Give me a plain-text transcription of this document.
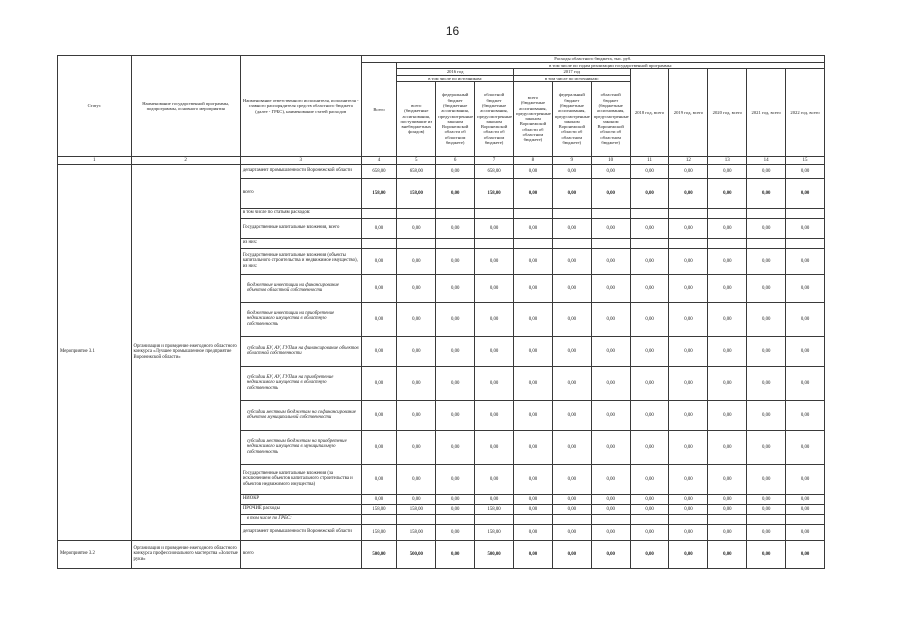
16
Статус	Наименование государственной программы, подпрограммы, основного мероприятия	Наименование ответственного исполнителя, исполнителя - главного распорядителя средств областного бюджета (далее - ГРБС), наименование статей расходов	Расходы областного бюджета, тыс. руб.											
			Всего	в том числе по годам реализации государственной программы:										
				2016 год			2017 год			2018 год, всего	2019 год, всего	2020 год, всего	2021 год, всего	2022 год, всего
				в том числе по источникам:			в том числе по источникам:							
				всего (бюджетные ассигнования, поступившие из внебюджетных фондов)	федеральный бюджет (бюджетные ассигнования, предусмотренные законом Воронежской области об областном бюджете)	областной бюджет (бюджетные ассигнования, предусмотренные законом Воронежской области об областном бюджете)	всего (бюджетные ассигнования, предусмотренные законом Воронежской области об областном бюджете)	федеральный бюджет (бюджетные ассигнования, предусмотренные законом Воронежской области об областном бюджете)	областной бюджет (бюджетные ассигнования, предусмотренные законом Воронежской области об областном бюджете)					
1	2	3	4	5	6	7	8	9	10	11	12	13	14	15
Мероприятие 3.1	Организация и проведение ежегодного областного конкурса «Лучшее промышленное предприятие Воронежской области»	департамент промышленности Воронежской области	658,00	658,00	0,00	658,00	0,00	0,00	0,00	0,00	0,00	0,00	0,00	0,00
		всего	158,00	158,00	0,00	158,00	0,00	0,00	0,00	0,00	0,00	0,00	0,00	0,00
		в том числе по статьям расходов:												
		Государственные капитальные вложения, всего	0,00	0,00	0,00	0,00	0,00	0,00	0,00	0,00	0,00	0,00	0,00	0,00
		из них:												
		Государственные капитальные вложения (объекты капитального строительства и недвижимое имущество), из них:	0,00	0,00	0,00	0,00	0,00	0,00	0,00	0,00	0,00	0,00	0,00	0,00
		бюджетные инвестиции на финансирование объектов областной собственности	0,00	0,00	0,00	0,00	0,00	0,00	0,00	0,00	0,00	0,00	0,00	0,00
		бюджетные инвестиции на приобретение недвижимого имущества в областную собственность	0,00	0,00	0,00	0,00	0,00	0,00	0,00	0,00	0,00	0,00	0,00	0,00
		субсидии БУ, АУ, ГУПам на финансирование объектов областной собственности	0,00	0,00	0,00	0,00	0,00	0,00	0,00	0,00	0,00	0,00	0,00	0,00
		субсидии БУ, АУ, ГУПам на приобретение недвижимого имущества в областную собственность	0,00	0,00	0,00	0,00	0,00	0,00	0,00	0,00	0,00	0,00	0,00	0,00
		субсидии местным бюджетам на софинансирование объектов муниципальной собственности	0,00	0,00	0,00	0,00	0,00	0,00	0,00	0,00	0,00	0,00	0,00	0,00
		субсидии местным бюджетам на приобретение недвижимого имущества в муниципальную собственность	0,00	0,00	0,00	0,00	0,00	0,00	0,00	0,00	0,00	0,00	0,00	0,00
		Государственные капитальные вложения (за исключением объектов капитального строительства и объектов недвижимого имущества)	0,00	0,00	0,00	0,00	0,00	0,00	0,00	0,00	0,00	0,00	0,00	0,00
		НИОКР	0,00	0,00	0,00	0,00	0,00	0,00	0,00	0,00	0,00	0,00	0,00	0,00
		ПРОЧИЕ расходы	158,00	158,00	0,00	158,00	0,00	0,00	0,00	0,00	0,00	0,00	0,00	0,00
		в том числе по ГРБС:												
		департамент промышленности Воронежской области	158,00	158,00	0,00	158,00	0,00	0,00	0,00	0,00	0,00	0,00	0,00	0,00
Мероприятие 3.2	Организация и проведение ежегодного областного конкурса профессионального мастерства «Золотые руки»	всего	500,00	500,00	0,00	500,00	0,00	0,00	0,00	0,00	0,00	0,00	0,00	0,00
